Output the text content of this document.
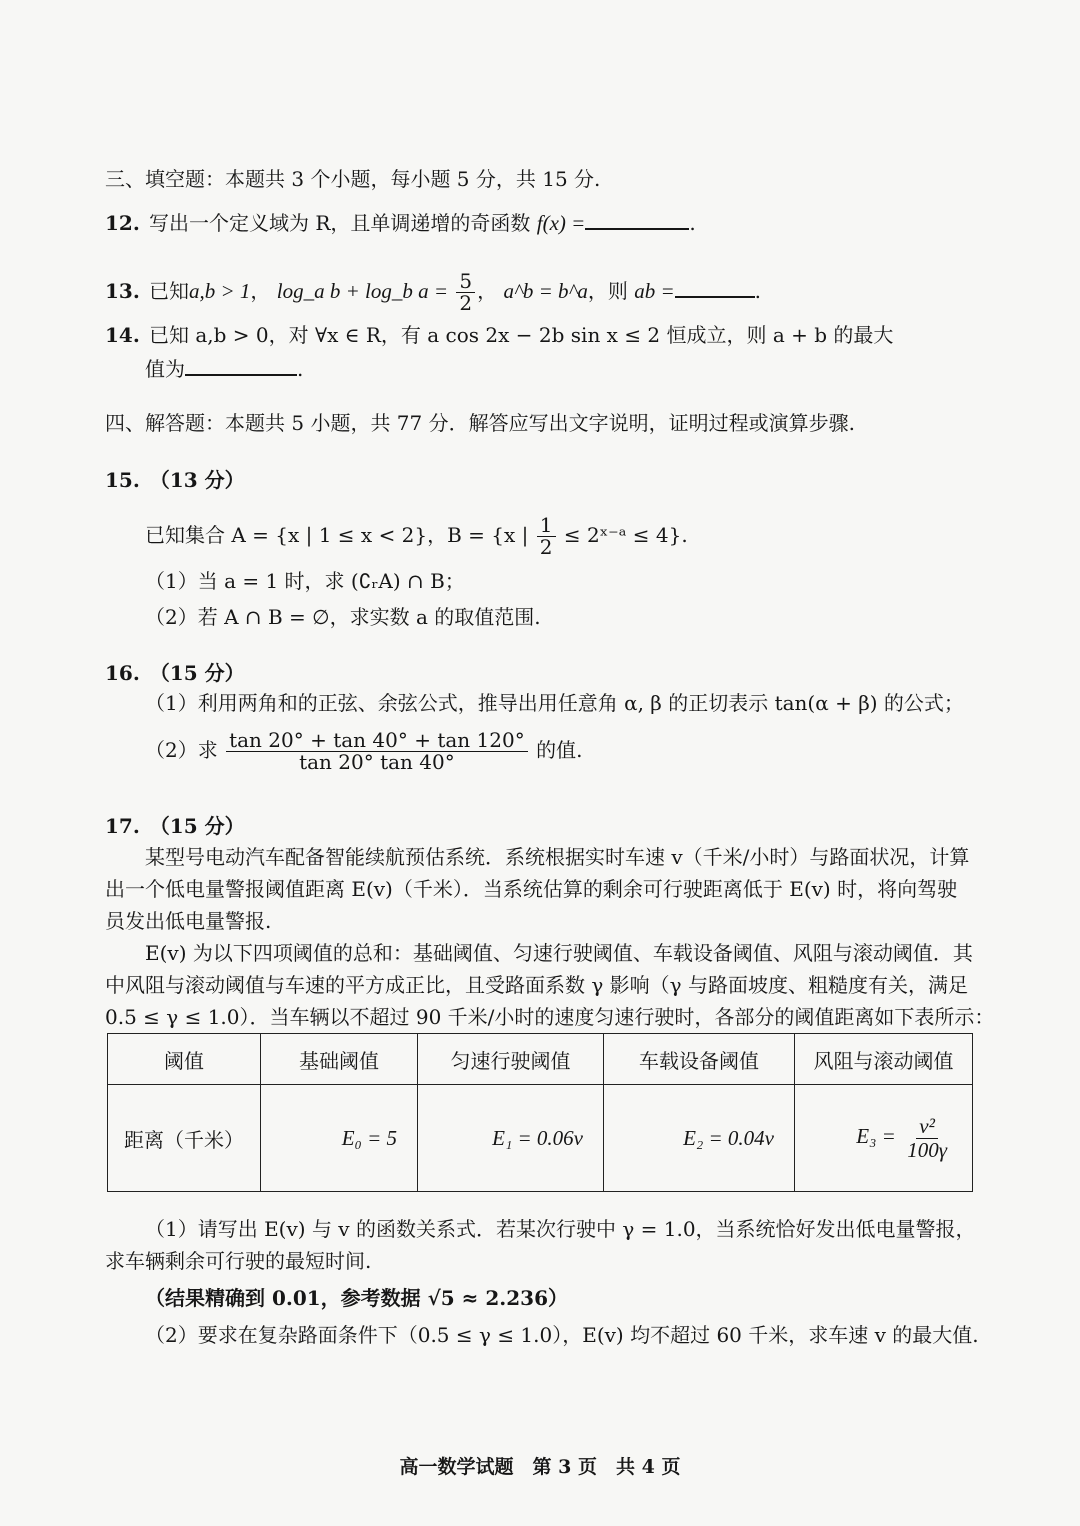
三、填空题：本题共 3 个小题，每小题 5 分，共 15 分.
12. 写出一个定义域为 R，且单调递增的奇函数 f(x) =	.
13. 已知a,b > 1， log_a b + log_b $a = \frac{5}{2}$ ， a^b = b^a，则 ab =	.
14. 已知 a,b > 0，对 ∀x ∈ R，有 a cos 2x − 2b sin x ≤ 2 恒成立，则 a + b 的最大
值为	.
四、解答题：本题共 5 小题，共 77 分．解答应写出文字说明，证明过程或演算步骤.
15.　（13 分）
已知集合 A = {x | 1 ≤ x < 2}，B = {x | $\frac{1}{2}$ ≤ 2ˣ⁻ᵃ ≤ 4}.
（1）当 a = 1 时，求 (∁ᵣA) ∩ B；
（2）若 A ∩ B = ∅，求实数 a 的取值范围.
16.　（15 分）
（1）利用两角和的正弦、余弦公式，推导出用任意角 α, β 的正切表示 tan(α + β) 的公式；
（2）求 $\frac{\tan 20^\circ + \tan 40^\circ + \tan 120^\circ}{\tan 20^\circ \tan 40^\circ}$ 的值.
17.　（15 分）
某型号电动汽车配备智能续航预估系统．系统根据实时车速 v（千米/小时）与路面状况，计算
出一个低电量警报阈值距离 E(v)（千米）．当系统估算的剩余可行驶距离低于 E(v) 时，将向驾驶
员发出低电量警报.
E(v) 为以下四项阈值的总和：基础阈值、匀速行驶阈值、车载设备阈值、风阻与滚动阈值．其
中风阻与滚动阈值与车速的平方成正比，且受路面系数 γ 影响（γ 与路面坡度、粗糙度有关，满足
0.5 ≤ γ ≤ 1.0）．当车辆以不超过 90 千米/小时的速度匀速行驶时，各部分的阈值距离如下表所示：
阈值	基础阈值	匀速行驶阈值	车载设备阈值	风阻与滚动阈值
距离（千米）	E₀ = 5	E₁ = 0.06v	E₂ = 0.04v	$E_3 = \frac{\text{v²}}{100\gamma}$
（1）请写出 E(v) 与 v 的函数关系式．若某次行驶中 γ = 1.0，当系统恰好发出低电量警报，
求车辆剩余可行驶的最短时间.
（结果精确到 0.01，参考数据 √5 ≈ 2.236）
（2）要求在复杂路面条件下（0.5 ≤ γ ≤ 1.0），E(v) 均不超过 60 千米，求车速 v 的最大值.
高一数学试题　第 3 页　共 4 页
